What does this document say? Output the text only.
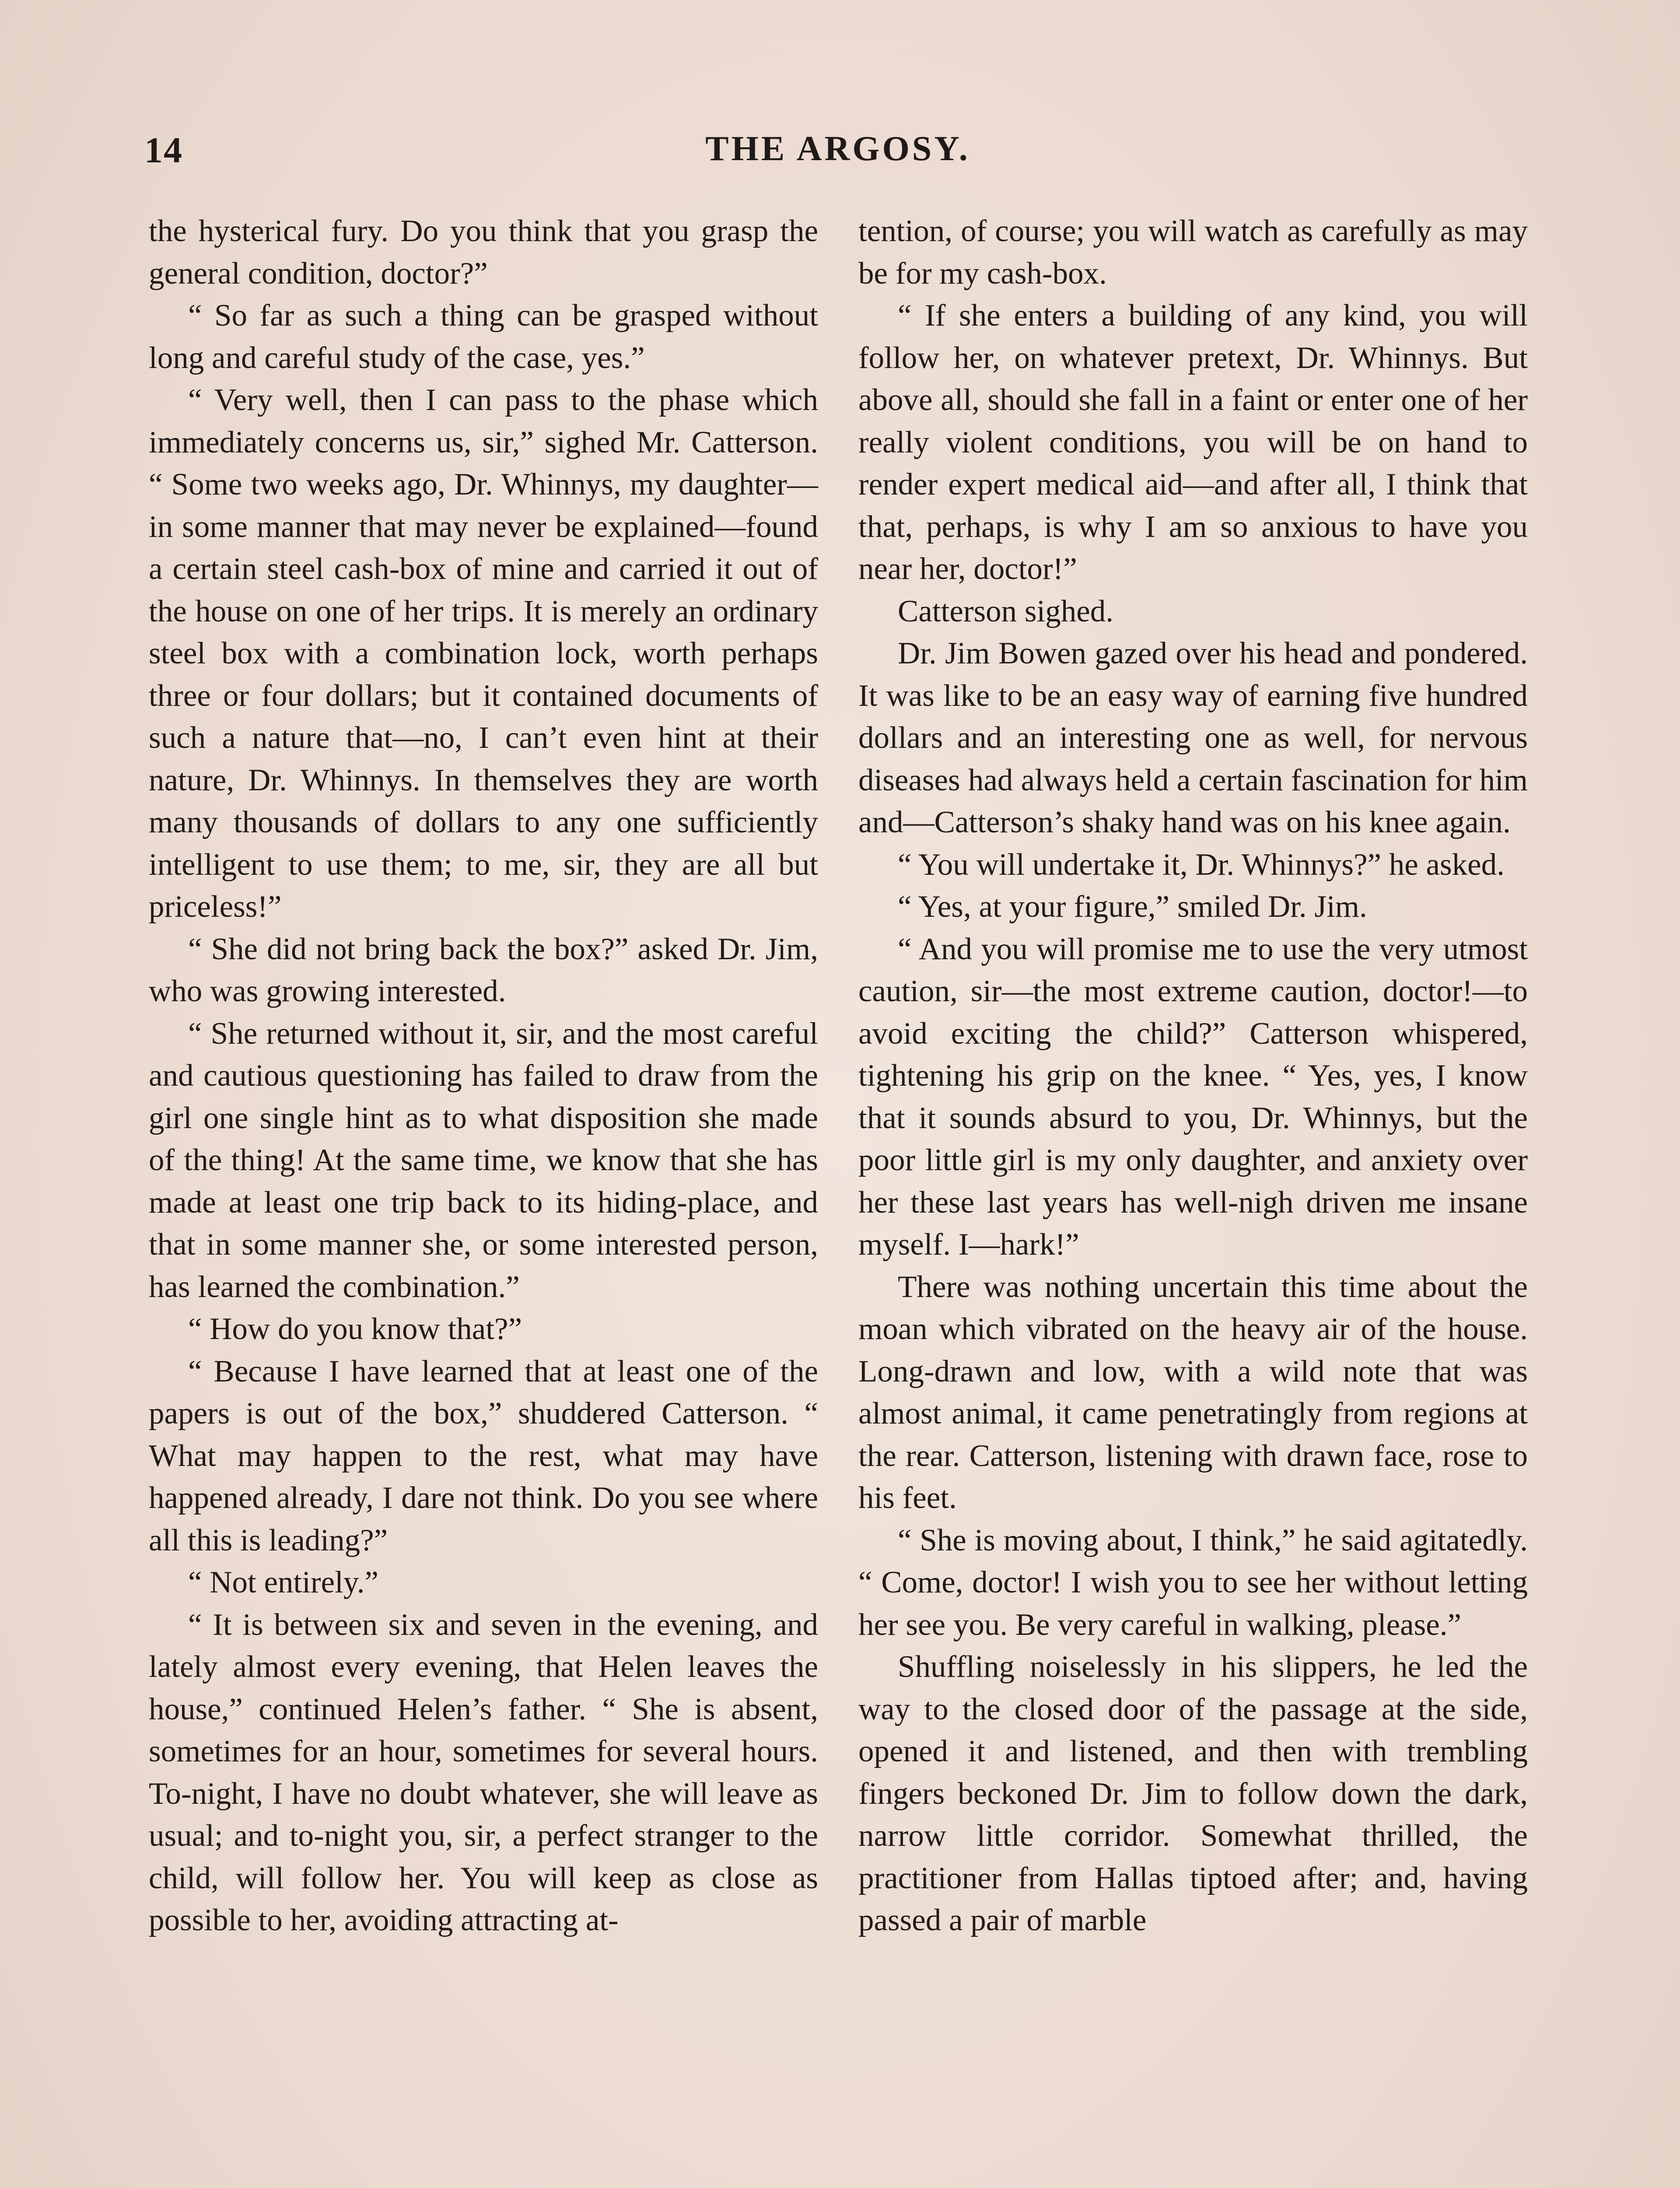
14	THE ARGOSY.

the hysterical fury. Do you think that you grasp the general condition, doctor?”

“ So far as such a thing can be grasped without long and careful study of the case, yes.”

“ Very well, then I can pass to the phase which immediately concerns us, sir,” sighed Mr. Catterson. “ Some two weeks ago, Dr. Whinnys, my daughter—in some manner that may never be explained—found a certain steel cash-box of mine and carried it out of the house on one of her trips. It is merely an ordinary steel box with a combination lock, worth perhaps three or four dollars; but it contained documents of such a nature that—no, I can’t even hint at their nature, Dr. Whinnys. In themselves they are worth many thousands of dollars to any one sufficiently intelligent to use them; to me, sir, they are all but priceless!”

“ She did not bring back the box?” asked Dr. Jim, who was growing interested.

“ She returned without it, sir, and the most careful and cautious questioning has failed to draw from the girl one single hint as to what disposition she made of the thing! At the same time, we know that she has made at least one trip back to its hiding-place, and that in some manner she, or some interested person, has learned the combination.”

“ How do you know that?”

“ Because I have learned that at least one of the papers is out of the box,” shuddered Catterson. “ What may happen to the rest, what may have happened already, I dare not think. Do you see where all this is leading?”

“ Not entirely.”

“ It is between six and seven in the evening, and lately almost every evening, that Helen leaves the house,” continued Helen’s father. “ She is absent, sometimes for an hour, sometimes for several hours. To-night, I have no doubt whatever, she will leave as usual; and to-night you, sir, a perfect stranger to the child, will follow her. You will keep as close as possible to her, avoiding attracting at-

tention, of course; you will watch as carefully as may be for my cash-box.

“ If she enters a building of any kind, you will follow her, on whatever pretext, Dr. Whinnys. But above all, should she fall in a faint or enter one of her really violent conditions, you will be on hand to render expert medical aid—and after all, I think that that, perhaps, is why I am so anxious to have you near her, doctor!”

Catterson sighed.

Dr. Jim Bowen gazed over his head and pondered. It was like to be an easy way of earning five hundred dollars and an interesting one as well, for nervous diseases had always held a certain fascination for him and—Catterson’s shaky hand was on his knee again.

“ You will undertake it, Dr. Whinnys?” he asked.

“ Yes, at your figure,” smiled Dr. Jim.

“ And you will promise me to use the very utmost caution, sir—the most extreme caution, doctor!—to avoid exciting the child?” Catterson whispered, tightening his grip on the knee. “ Yes, yes, I know that it sounds absurd to you, Dr. Whinnys, but the poor little girl is my only daughter, and anxiety over her these last years has well-nigh driven me insane myself. I—hark!”

There was nothing uncertain this time about the moan which vibrated on the heavy air of the house. Long-drawn and low, with a wild note that was almost animal, it came penetratingly from regions at the rear. Catterson, listening with drawn face, rose to his feet.

“ She is moving about, I think,” he said agitatedly. “ Come, doctor! I wish you to see her without letting her see you. Be very careful in walking, please.”

Shuffling noiselessly in his slippers, he led the way to the closed door of the passage at the side, opened it and listened, and then with trembling fingers beckoned Dr. Jim to follow down the dark, narrow little corridor. Somewhat thrilled, the practitioner from Hallas tiptoed after; and, having passed a pair of marble
